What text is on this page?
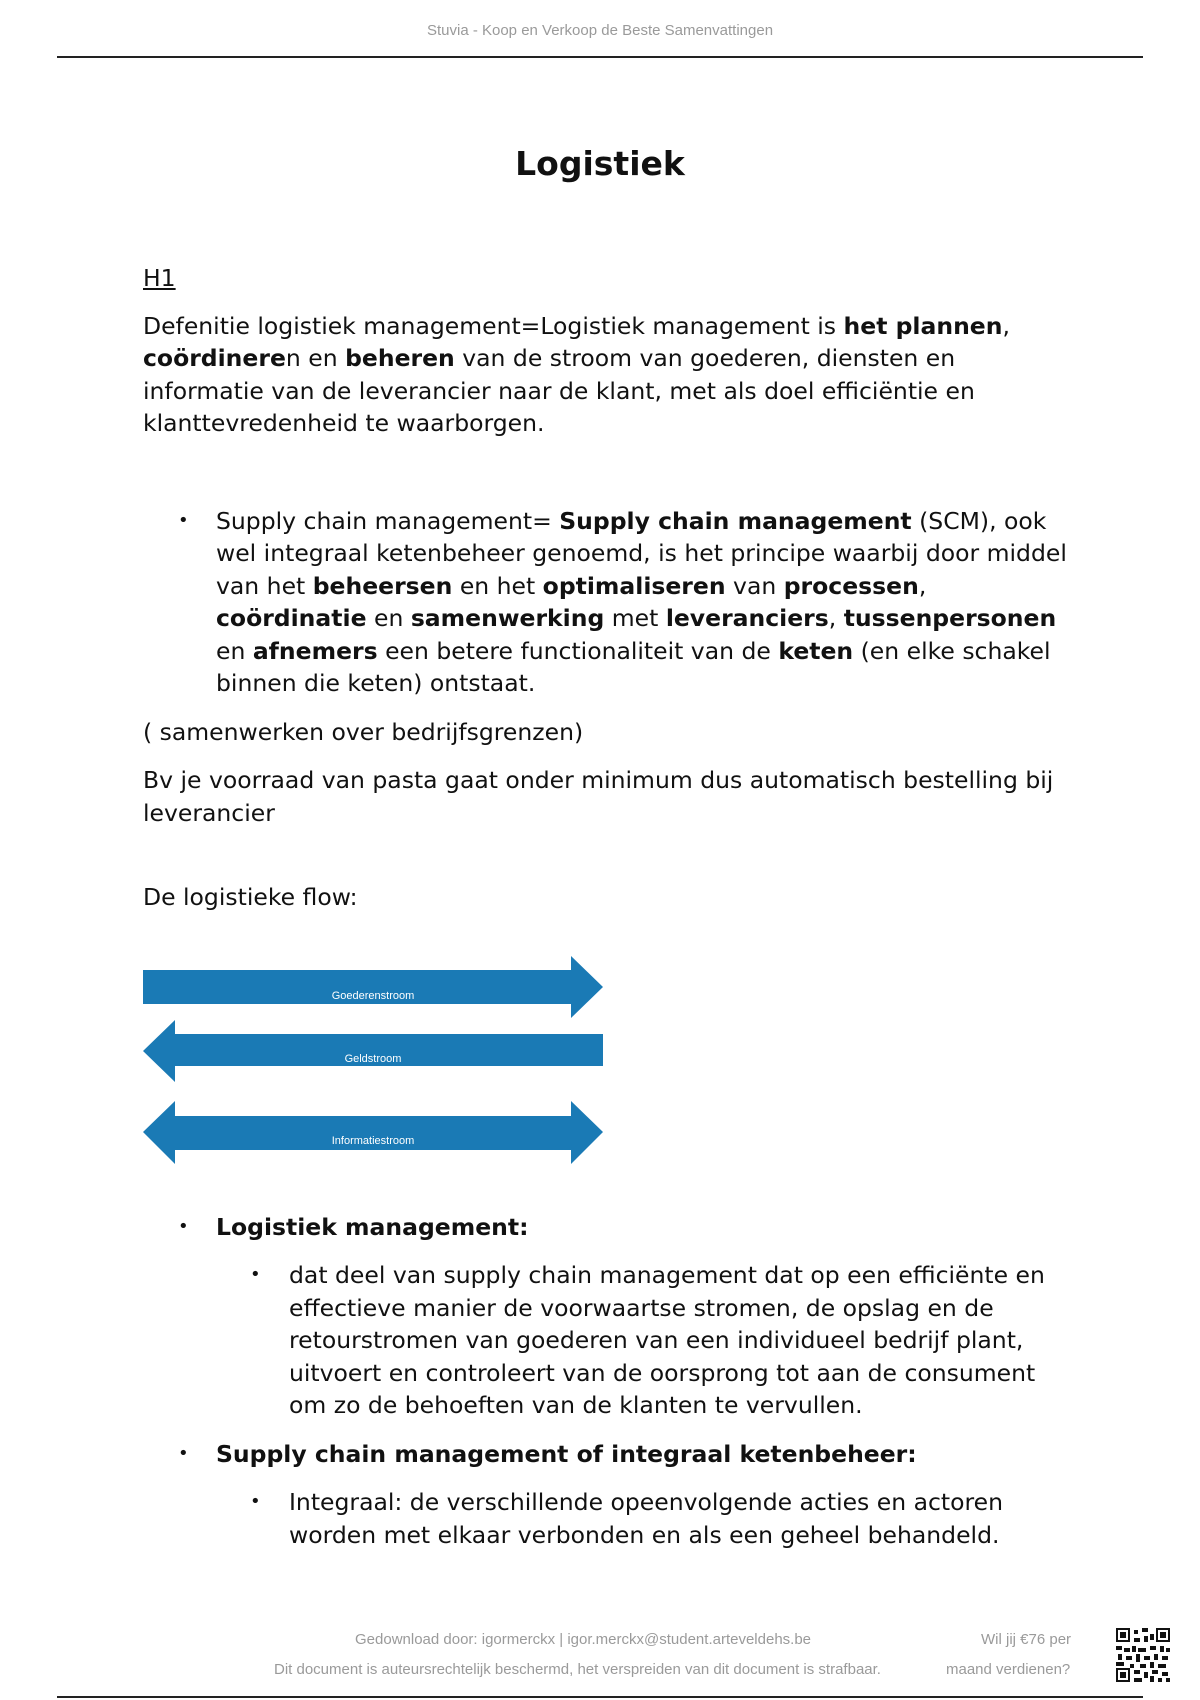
Stuvia - Koop en Verkoop de Beste Samenvattingen
Logistiek

H1

Defenitie logistiek management=Logistiek management is het plannen, coördineren en beheren van de stroom van goederen, diensten en informatie van de leverancier naar de klant, met als doel efficiëntie en klanttevredenheid te waarborgen.

• Supply chain management= Supply chain management (SCM), ook wel integraal ketenbeheer genoemd, is het principe waarbij door middel van het beheersen en het optimaliseren van processen, coördinatie en samenwerking met leveranciers, tussenpersonen en afnemers een betere functionaliteit van de keten (en elke schakel binnen die keten) ontstaat.

( samenwerken over bedrijfsgrenzen)

Bv je voorraad van pasta gaat onder minimum dus automatisch bestelling bij leverancier

De logistieke flow:

Goederenstroom
Geldstroom
Informatiestroom
• Logistiek management:
• dat deel van supply chain management dat op een efficiënte en effectieve manier de voorwaartse stromen, de opslag en de retourstromen van goederen van een individueel bedrijf plant, uitvoert en controleert van de oorsprong tot aan de consument om zo de behoeften van de klanten te vervullen.
• Supply chain management of integraal ketenbeheer:
• Integraal: de verschillende opeenvolgende acties en actoren worden met elkaar verbonden en als een geheel behandeld.
Gedownload door: igormerckx | igor.merckx@student.arteveldehs.be
Dit document is auteursrechtelijk beschermd, het verspreiden van dit document is strafbaar.
Wil jij €76 per
maand verdienen?
